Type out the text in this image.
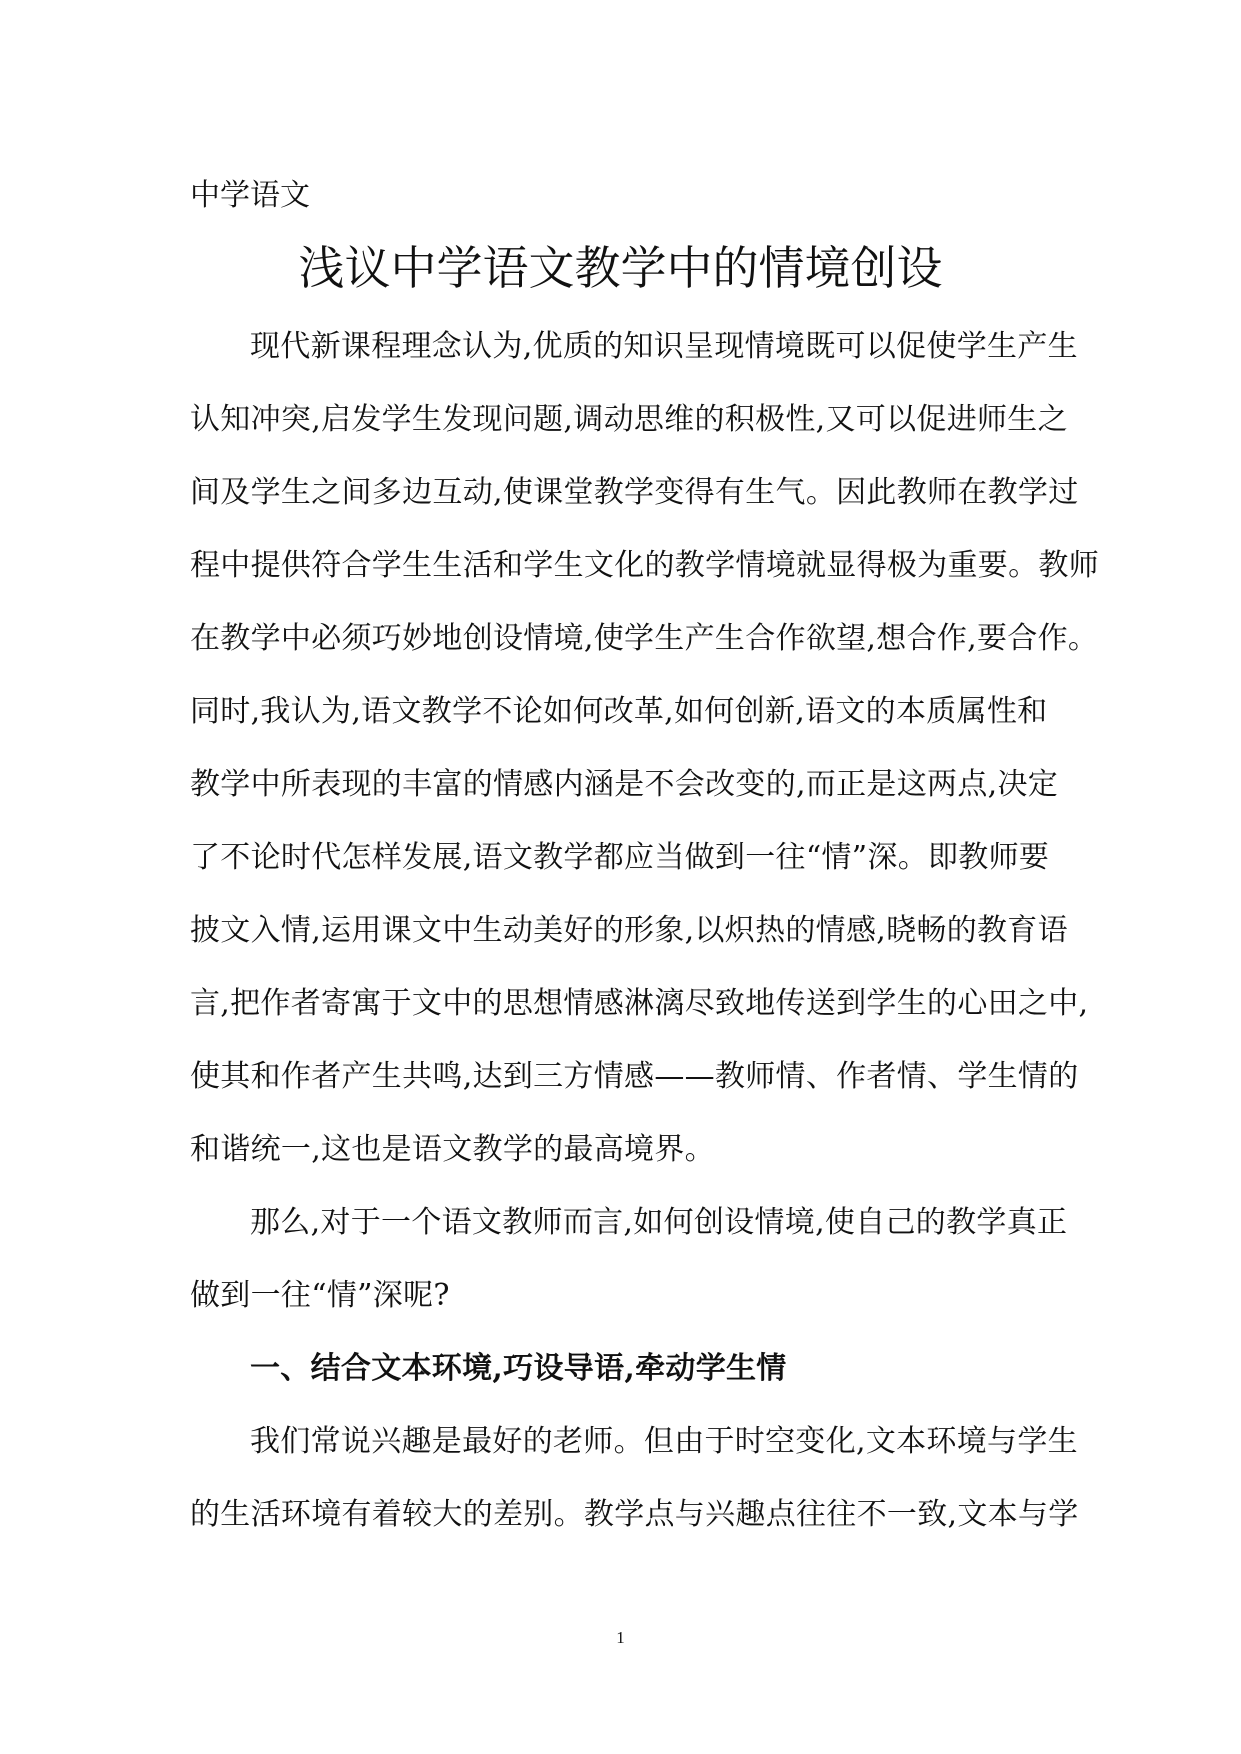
中学语文
浅议中学语文教学中的情境创设
现代新课程理念认为,优质的知识呈现情境既可以促使学生产生
认知冲突,启发学生发现问题,调动思维的积极性,又可以促进师生之
间及学生之间多边互动,使课堂教学变得有生气。因此教师在教学过
程中提供符合学生生活和学生文化的教学情境就显得极为重要。教师
在教学中必须巧妙地创设情境,使学生产生合作欲望,想合作,要合作。
同时,我认为,语文教学不论如何改革,如何创新,语文的本质属性和
教学中所表现的丰富的情感内涵是不会改变的,而正是这两点,决定
了不论时代怎样发展,语文教学都应当做到一往“情”深。即教师要
披文入情,运用课文中生动美好的形象,以炽热的情感,晓畅的教育语
言,把作者寄寓于文中的思想情感淋漓尽致地传送到学生的心田之中,
使其和作者产生共鸣,达到三方情感——教师情、作者情、学生情的
和谐统一,这也是语文教学的最高境界。
那么,对于一个语文教师而言,如何创设情境,使自己的教学真正
做到一往“情”深呢?
一、结合文本环境,巧设导语,牵动学生情
我们常说兴趣是最好的老师。但由于时空变化,文本环境与学生
的生活环境有着较大的差别。教学点与兴趣点往往不一致,文本与学
1
